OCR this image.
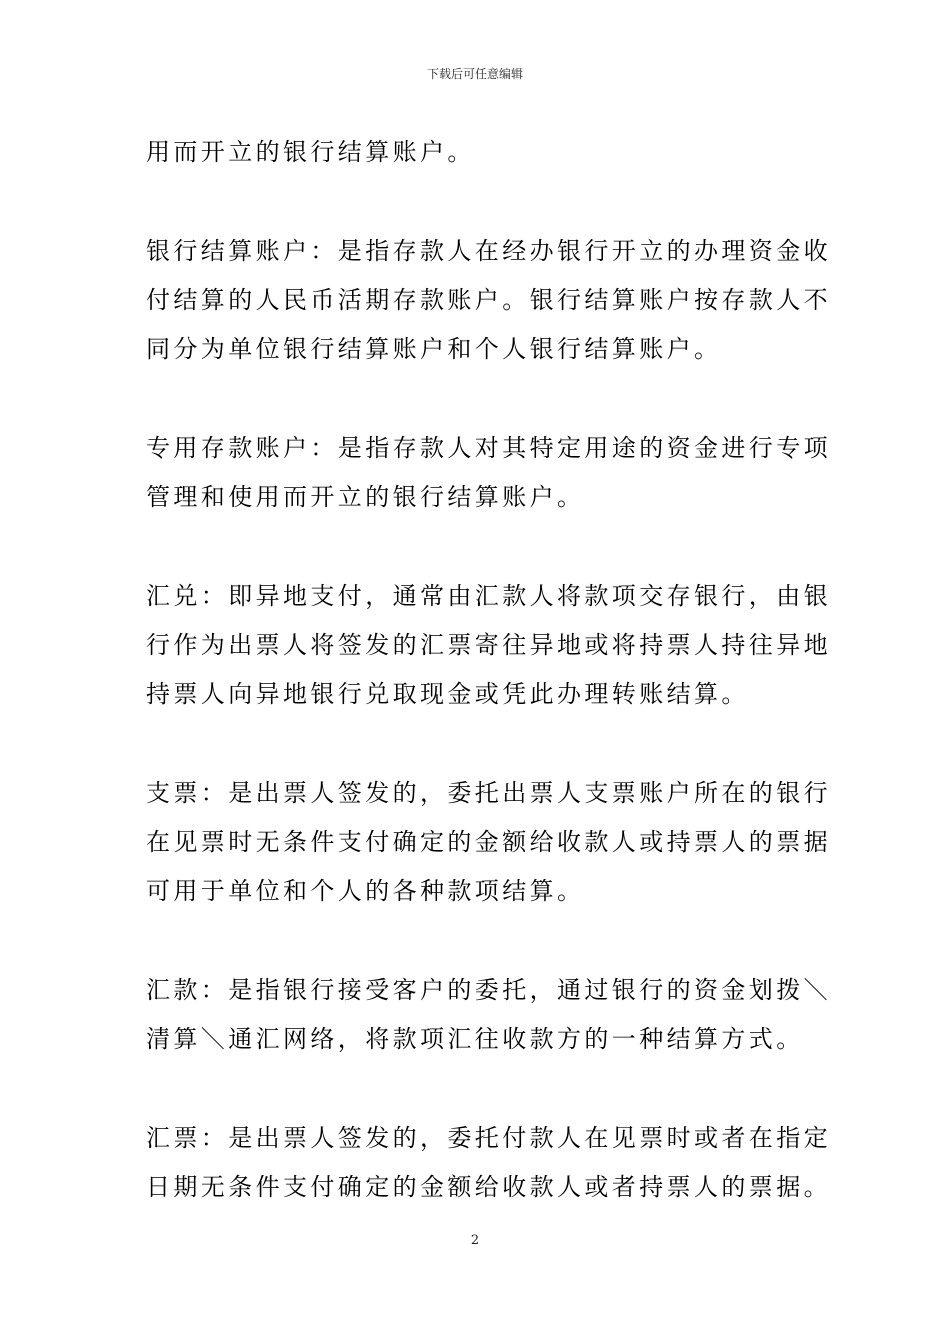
下载后可任意编辑

用而开立的银行结算账户。

银行结算账户：是指存款人在经办银行开立的办理资金收
付结算的人民币活期存款账户。银行结算账户按存款人不
同分为单位银行结算账户和个人银行结算账户。

专用存款账户：是指存款人对其特定用途的资金进行专项
管理和使用而开立的银行结算账户。

汇兑：即异地支付，通常由汇款人将款项交存银行，由银
行作为出票人将签发的汇票寄往异地或将持票人持往异地
持票人向异地银行兑取现金或凭此办理转账结算。

支票：是出票人签发的，委托出票人支票账户所在的银行
在见票时无条件支付确定的金额给收款人或持票人的票据
可用于单位和个人的各种款项结算。

汇款：是指银行接受客户的委托，通过银行的资金划拨＼
清算＼通汇网络，将款项汇往收款方的一种结算方式。

汇票：是出票人签发的，委托付款人在见票时或者在指定
日期无条件支付确定的金额给收款人或者持票人的票据。

2
